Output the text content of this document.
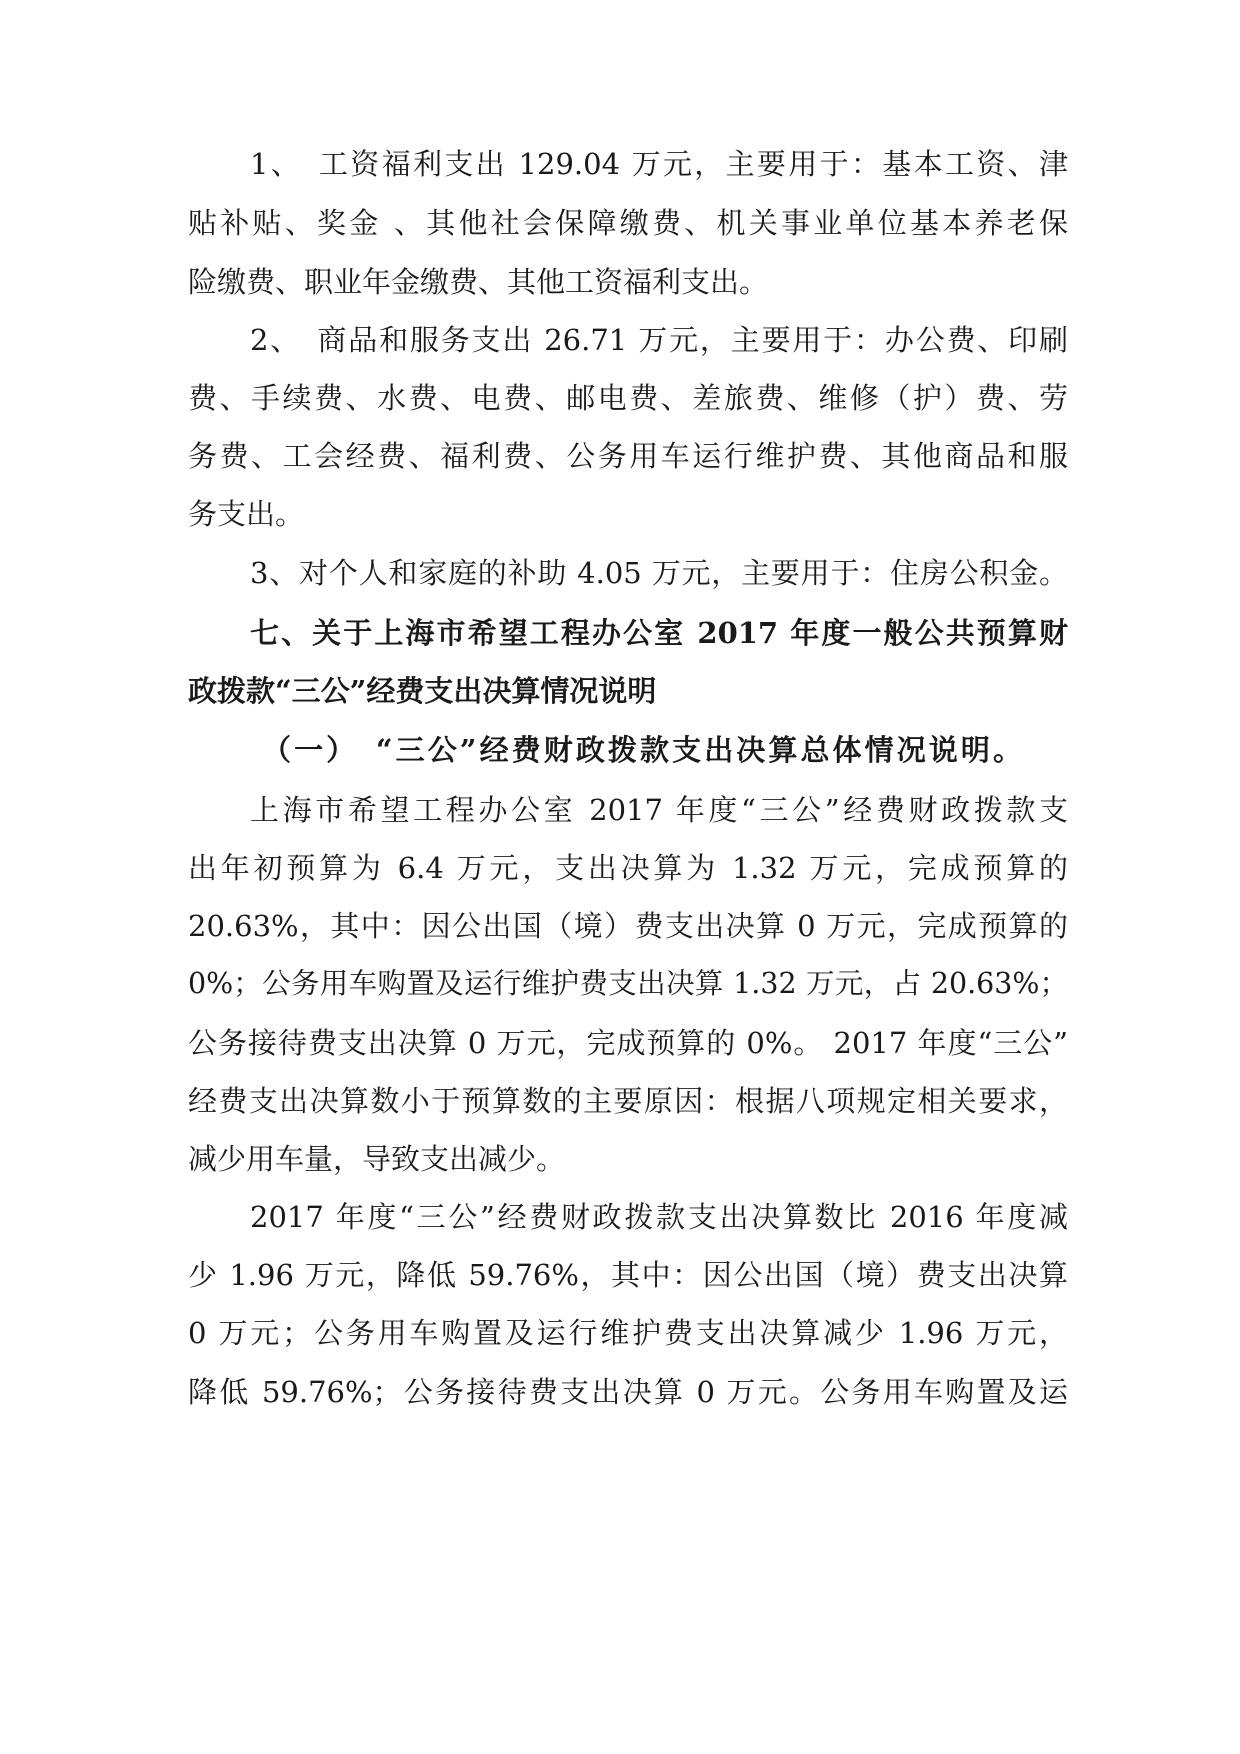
1、　工资福利支出 129.04 万元，主要用于：基本工资、津
贴补贴、奖金 、其他社会保障缴费、机关事业单位基本养老保
险缴费、职业年金缴费、其他工资福利支出。
2、　商品和服务支出 26.71 万元，主要用于：办公费、印刷
费、手续费、水费、电费、邮电费、差旅费、维修（护）费、劳
务费、工会经费、福利费、公务用车运行维护费、其他商品和服
务支出。
3、对个人和家庭的补助 4.05 万元，主要用于：住房公积金。
七、关于上海市希望工程办公室 2017 年度一般公共预算财
政拨款“三公”经费支出决算情况说明
（一）　“三公”经费财政拨款支出决算总体情况说明。
上海市希望工程办公室 2017 年度“三公”经费财政拨款支
出年初预算为 6.4 万元，支出决算为 1.32 万元，完成预算的
20.63%，其中：因公出国（境）费支出决算 0 万元，完成预算的
0%；公务用车购置及运行维护费支出决算 1.32 万元，占 20.63%；
公务接待费支出决算 0 万元，完成预算的 0%。 2017 年度“三公”
经费支出决算数小于预算数的主要原因：根据八项规定相关要求，
减少用车量，导致支出减少。
2017 年度“三公”经费财政拨款支出决算数比 2016 年度减
少 1.96 万元，降低 59.76%，其中：因公出国（境）费支出决算
0 万元；公务用车购置及运行维护费支出决算减少 1.96 万元，
降低 59.76%；公务接待费支出决算 0 万元。公务用车购置及运
